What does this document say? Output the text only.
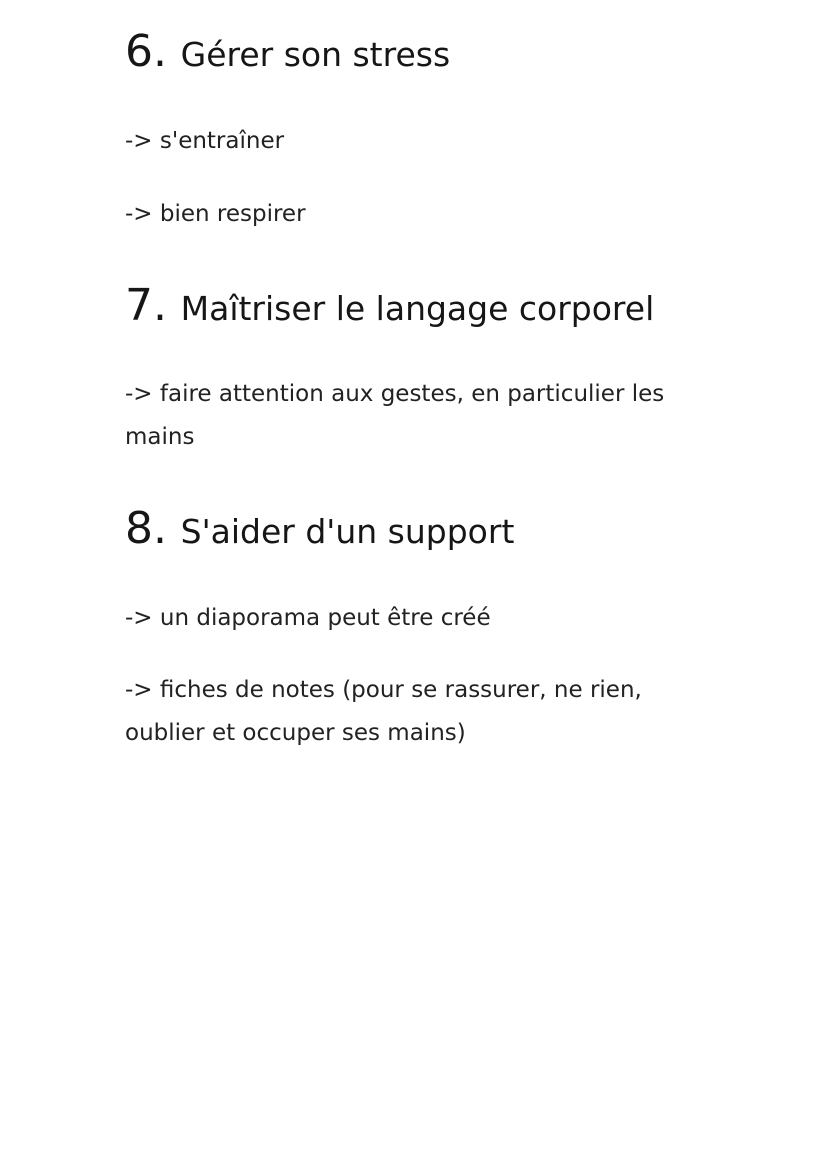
6. Gérer son stress

-> s'entraîner

-> bien respirer

7. Maîtriser le langage corporel

-> faire attention aux gestes, en particulier les

mains

8. S'aider d'un support

-> un diaporama peut être créé

-> fiches de notes (pour se rassurer, ne rien,

oublier et occuper ses mains)
